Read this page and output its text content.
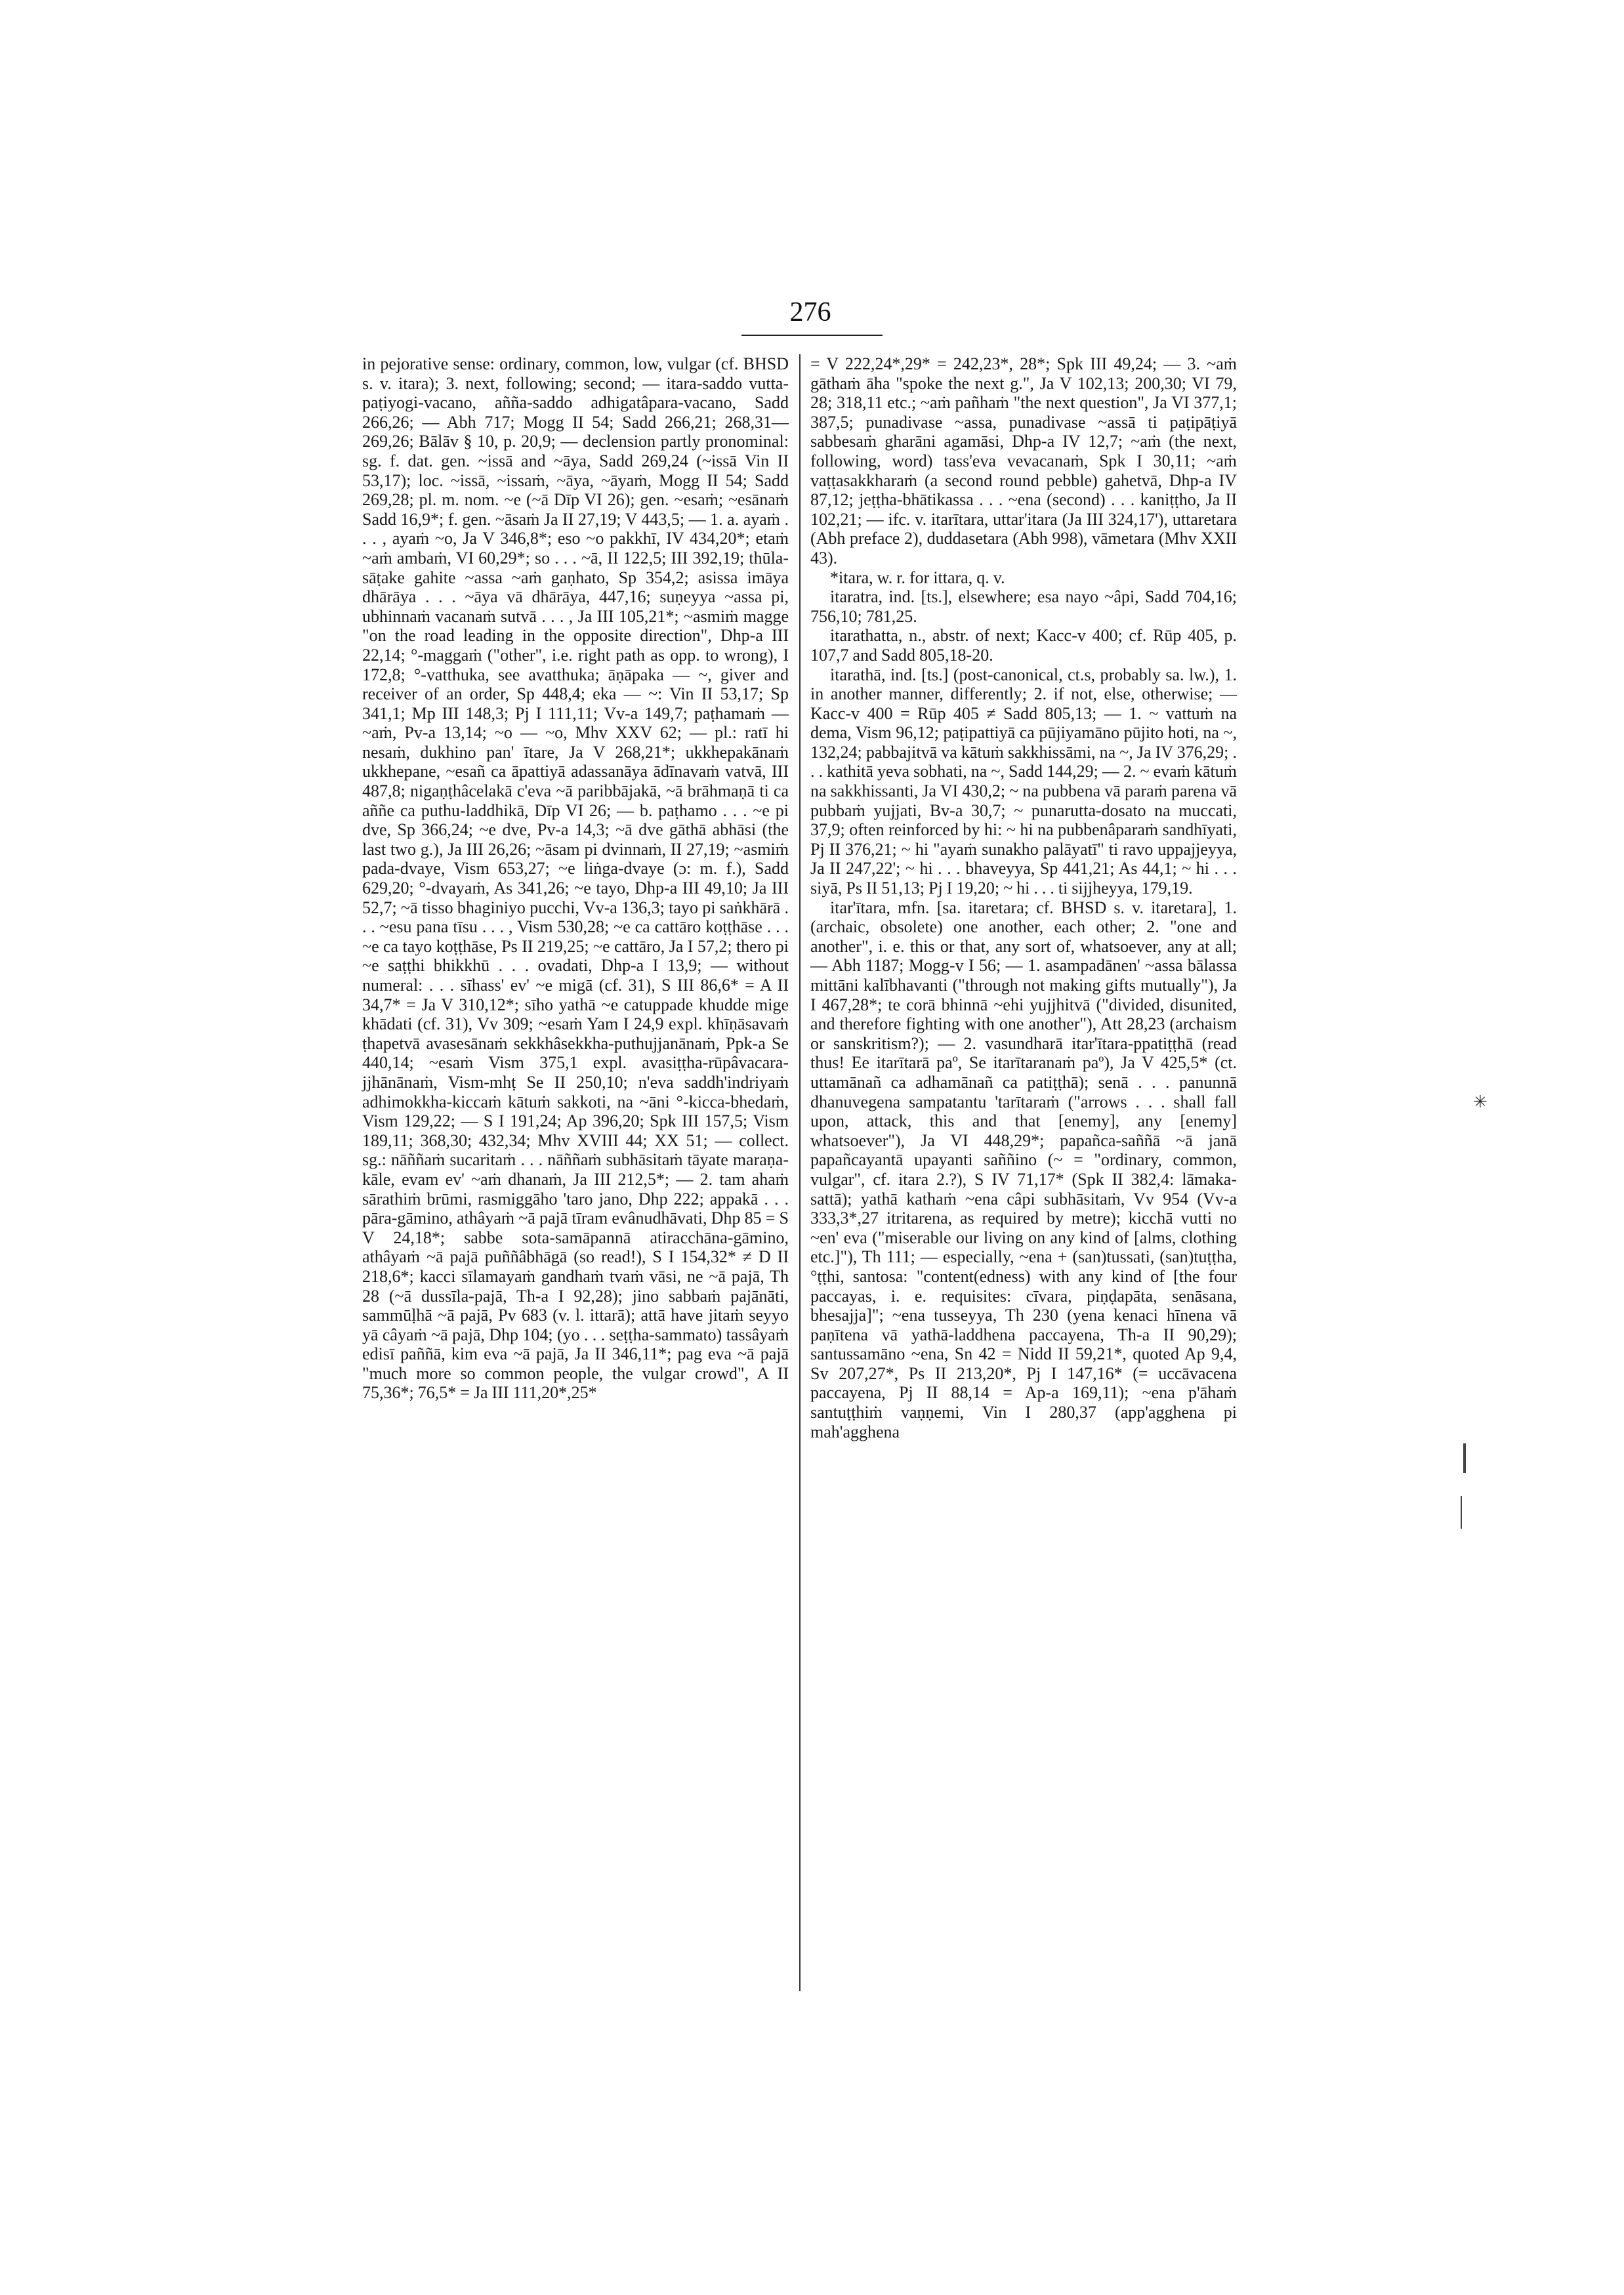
276

in pejorative sense: ordinary, common, low, vulgar (cf. BHSD s. v. itara); 3. next, following; second; — itara-saddo vutta-paṭiyogi-vacano, añña-saddo adhigatâpara-vacano, Sadd 266,26; — Abh 717; Mogg II 54; Sadd 266,21; 268,31—269,26; Bālāv § 10, p. 20,9; — declension partly pronominal: sg. f. dat. gen. ~issā and ~āya, Sadd 269,24 (~issā Vin II 53,17); loc. ~issā, ~issaṁ, ~āya, ~āyaṁ, Mogg II 54; Sadd 269,28; pl. m. nom. ~e (~ā Dīp VI 26); gen. ~esaṁ; ~esānaṁ Sadd 16,9*; f. gen. ~āsaṁ Ja II 27,19; V 443,5; — 1. a. ayaṁ . . . , ayaṁ ~o, Ja V 346,8*; eso ~o pakkhī, IV 434,20*; etaṁ ~aṁ ambaṁ, VI 60,29*; so . . . ~ā, II 122,5; III 392,19; thūla-sāṭake gahite ~assa ~aṁ gaṇhato, Sp 354,2; asissa imāya dhārāya . . . ~āya vā dhārāya, 447,16; suṇeyya ~assa pi, ubhinnaṁ vacanaṁ sutvā . . . , Ja III 105,21*; ~asmiṁ magge "on the road leading in the opposite direction", Dhp-a III 22,14; °-maggaṁ ("other", i.e. right path as opp. to wrong), I 172,8; °-vatthuka, see avatthuka; āṇāpaka — ~, giver and receiver of an order, Sp 448,4; eka — ~: Vin II 53,17; Sp 341,1; Mp III 148,3; Pj I 111,11; Vv-a 149,7; paṭhamaṁ — ~aṁ, Pv-a 13,14; ~o — ~o, Mhv XXV 62; — pl.: ratī hi nesaṁ, dukhino pan' ītare, Ja V 268,21*; ukkhepakānaṁ ukkhepane, ~esañ ca āpattiyā adassanāya ādīnavaṁ vatvā, III 487,8; nigaṇṭhâcelakā c'eva ~ā paribbājakā, ~ā brāhmaṇā ti ca aññe ca puthu-laddhikā, Dīp VI 26; — b. paṭhamo . . . ~e pi dve, Sp 366,24; ~e dve, Pv-a 14,3; ~ā dve gāthā abhāsi (the last two g.), Ja III 26,26; ~āsam pi dvinnaṁ, II 27,19; ~asmiṁ pada-dvaye, Vism 653,27; ~e liṅga-dvaye (ɔ: m. f.), Sadd 629,20; °-dvayaṁ, As 341,26; ~e tayo, Dhp-a III 49,10; Ja III 52,7; ~ā tisso bhaginiyo pucchi, Vv-a 136,3; tayo pi saṅkhārā . . . ~esu pana tīsu . . . , Vism 530,28; ~e ca cattāro koṭṭhāse . . . ~e ca tayo koṭṭhāse, Ps II 219,25; ~e cattāro, Ja I 57,2; thero pi ~e saṭṭhi bhikkhū . . . ovadati, Dhp-a I 13,9; — without numeral: . . . sīhass' ev' ~e migā (cf. 31), S III 86,6* = A II 34,7* = Ja V 310,12*; sīho yathā ~e catuppade khudde mige khādati (cf. 31), Vv 309; ~esaṁ Yam I 24,9 expl. khīṇāsavaṁ ṭhapetvā avasesānaṁ sekkhâsekkha-puthujjanānaṁ, Ppk-a Se 440,14; ~esaṁ Vism 375,1 expl. avasiṭṭha-rūpâvacara-jjhānānaṁ, Vism-mhṭ Se II 250,10; n'eva saddh'indriyaṁ adhimokkha-kiccaṁ kātuṁ sakkoti, na ~āni °-kicca-bhedaṁ, Vism 129,22; — S I 191,24; Ap 396,20; Spk III 157,5; Vism 189,11; 368,30; 432,34; Mhv XVIII 44; XX 51; — collect. sg.: nāññaṁ sucaritaṁ . . . nāññaṁ subhāsitaṁ tāyate maraṇa-kāle, evam ev' ~aṁ dhanaṁ, Ja III 212,5*; — 2. tam ahaṁ sārathiṁ brūmi, rasmiggāho 'taro jano, Dhp 222; appakā . . . pāra-gāmino, athâyaṁ ~ā pajā tīram evânudhāvati, Dhp 85 = S V 24,18*; sabbe sota-samāpannā atiracchāna-gāmino, athâyaṁ ~ā pajā puññâbhāgā (so read!), S I 154,32* ≠ D II 218,6*; kacci sīlamayaṁ gandhaṁ tvaṁ vāsi, ne ~ā pajā, Th 28 (~ā dussīla-pajā, Th-a I 92,28); jino sabbaṁ pajānāti, sammūḷhā ~ā pajā, Pv 683 (v. l. ittarā); attā have jitaṁ seyyo yā câyaṁ ~ā pajā, Dhp 104; (yo . . . seṭṭha-sammato) tassâyaṁ edisī paññā, kim eva ~ā pajā, Ja II 346,11*; pag eva ~ā pajā "much more so common people, the vulgar crowd", A II 75,36*; 76,5* = Ja III 111,20*,25*

= V 222,24*,29* = 242,23*, 28*; Spk III 49,24; — 3. ~aṁ gāthaṁ āha "spoke the next g.", Ja V 102,13; 200,30; VI 79, 28; 318,11 etc.; ~aṁ pañhaṁ "the next question", Ja VI 377,1; 387,5; punadivase ~assa, punadivase ~assā ti paṭipāṭiyā sabbesaṁ gharāni agamāsi, Dhp-a IV 12,7; ~aṁ (the next, following, word) tass'eva vevacanaṁ, Spk I 30,11; ~aṁ vaṭṭasakkharaṁ (a second round pebble) gahetvā, Dhp-a IV 87,12; jeṭṭha-bhātikassa . . . ~ena (second) . . . kaniṭṭho, Ja II 102,21; — ifc. v. itarītara, uttar'itara (Ja III 324,17'), uttaretara (Abh preface 2), duddasetara (Abh 998), vāmetara (Mhv XXII 43).

*itara, w. r. for ittara, q. v.

itaratra, ind. [ts.], elsewhere; esa nayo ~âpi, Sadd 704,16; 756,10; 781,25.

itarathatta, n., abstr. of next; Kacc-v 400; cf. Rūp 405, p. 107,7 and Sadd 805,18-20.

itarathā, ind. [ts.] (post-canonical, ct.s, probably sa. lw.), 1. in another manner, differently; 2. if not, else, otherwise; — Kacc-v 400 = Rūp 405 ≠ Sadd 805,13; — 1. ~ vattuṁ na dema, Vism 96,12; paṭipattiyā ca pūjiyamāno pūjito hoti, na ~, 132,24; pabbajitvā va kātuṁ sakkhissāmi, na ~, Ja IV 376,29; . . . kathitā yeva sobhati, na ~, Sadd 144,29; — 2. ~ evaṁ kātuṁ na sakkhissanti, Ja VI 430,2; ~ na pubbena vā paraṁ parena vā pubbaṁ yujjati, Bv-a 30,7; ~ punarutta-dosato na muccati, 37,9; often reinforced by hi: ~ hi na pubbenâparaṁ sandhīyati, Pj II 376,21; ~ hi "ayaṁ sunakho palāyatī" ti ravo uppajjeyya, Ja II 247,22'; ~ hi . . . bhaveyya, Sp 441,21; As 44,1; ~ hi . . . siyā, Ps II 51,13; Pj I 19,20; ~ hi . . . ti sijjheyya, 179,19.

itar'ītara, mfn. [sa. itaretara; cf. BHSD s. v. itaretara], 1. (archaic, obsolete) one another, each other; 2. "one and another", i. e. this or that, any sort of, whatsoever, any at all; — Abh 1187; Mogg-v I 56; — 1. asampadānen' ~assa bālassa mittāni kalībhavanti ("through not making gifts mutually"), Ja I 467,28*; te corā bhinnā ~ehi yujjhitvā ("divided, disunited, and therefore fighting with one another"), Att 28,23 (archaism or sanskritism?); — 2. vasundharā itar'ītara-ppatiṭṭhā (read thus! Ee itarītarā paº, Se itarītaranaṁ paº), Ja V 425,5* (ct. uttamānañ ca adhamānañ ca patiṭṭhā); senā . . . panunnā dhanuvegena sampatantu 'tarītaraṁ ("arrows . . . shall fall upon, attack, this and that [enemy], any [enemy] whatsoever"), Ja VI 448,29*; papañca-saññā ~ā janā papañcayantā upayanti saññino (~ = "ordinary, common, vulgar", cf. itara 2.?), S IV 71,17* (Spk II 382,4: lāmaka-sattā); yathā kathaṁ ~ena câpi subhāsitaṁ, Vv 954 (Vv-a 333,3*,27 itritarena, as required by metre); kicchā vutti no ~en' eva ("miserable our living on any kind of [alms, clothing etc.]"), Th 111; — especially, ~ena + (san)tussati, (san)tuṭṭha, °ṭṭhi, santosa: "content(edness) with any kind of [the four paccayas, i. e. requisites: cīvara, piṇḍapāta, senāsana, bhesajja]"; ~ena tusseyya, Th 230 (yena kenaci hīnena vā paṇītena vā yathā-laddhena paccayena, Th-a II 90,29); santussamāno ~ena, Sn 42 = Nidd II 59,21*, quoted Ap 9,4, Sv 207,27*, Ps II 213,20*, Pj I 147,16* (= uccāvacena paccayena, Pj II 88,14 = Ap-a 169,11); ~ena p'āhaṁ santuṭṭhiṁ vaṇṇemi, Vin I 280,37 (app'agghena pi mah'agghena

✳
